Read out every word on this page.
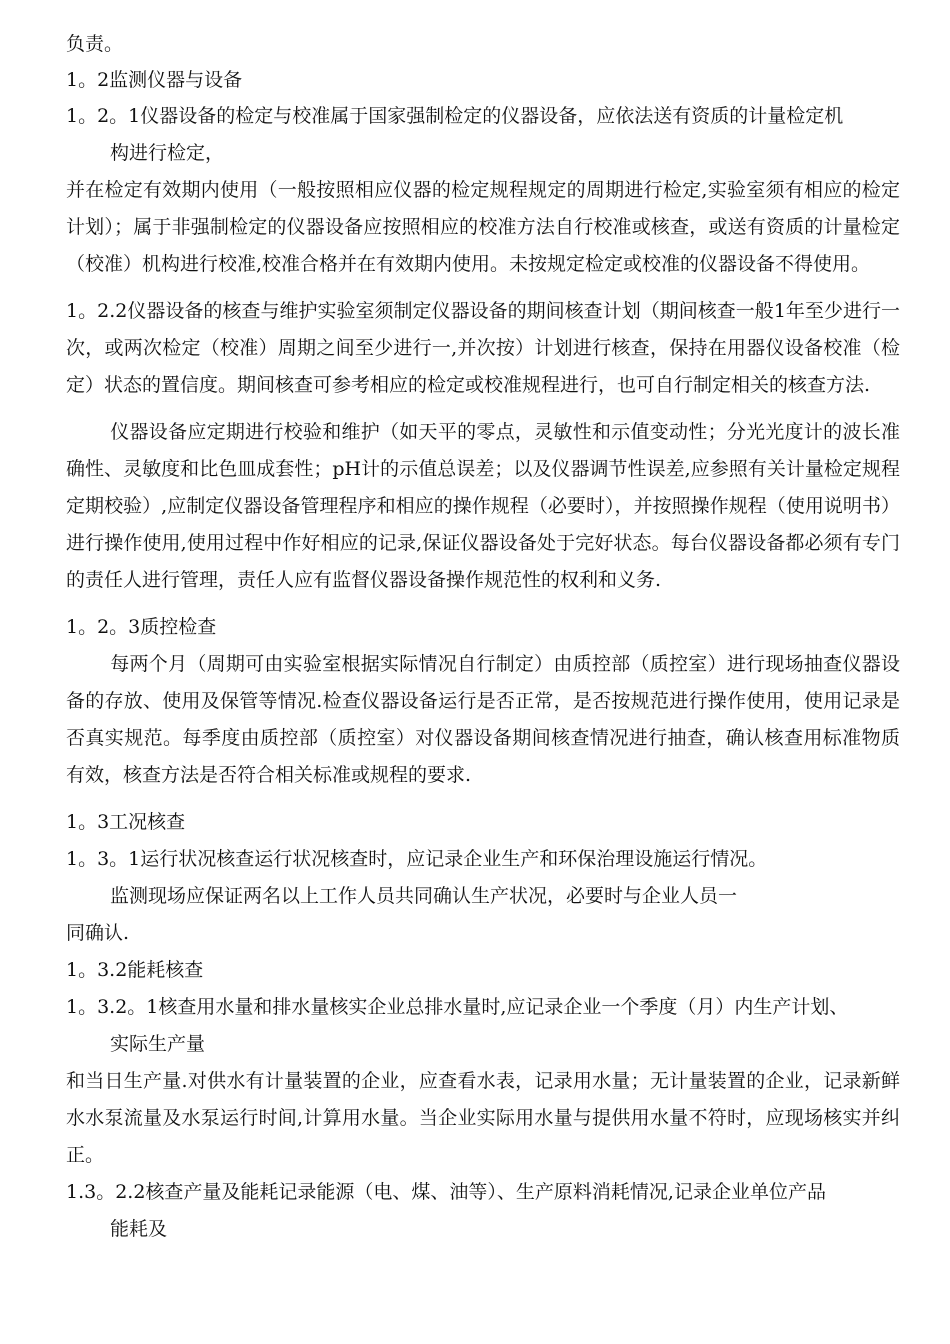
负责。

1。2监测仪器与设备

1。2。1仪器设备的检定与校准属于国家强制检定的仪器设备，应依法送有资质的计量检定机

构进行检定，

并在检定有效期内使用（一般按照相应仪器的检定规程规定的周期进行检定,实验室须有相应的检定计划）；属于非强制检定的仪器设备应按照相应的校准方法自行校准或核查，或送有资质的计量检定（校准）机构进行校准,校准合格并在有效期内使用。未按规定检定或校准的仪器设备不得使用。

1。2.2仪器设备的核查与维护实验室须制定仪器设备的期间核查计划（期间核查一般1年至少进行一次，或两次检定（校准）周期之间至少进行一,并次按）计划进行核查，保持在用器仪设备校准（检定）状态的置信度。期间核查可参考相应的检定或校准规程进行，也可自行制定相关的核查方法.

仪器设备应定期进行校验和维护（如天平的零点，灵敏性和示值变动性；分光光度计的波长准确性、灵敏度和比色皿成套性；pH计的示值总误差；以及仪器调节性误差,应参照有关计量检定规程定期校验）,应制定仪器设备管理程序和相应的操作规程（必要时），并按照操作规程（使用说明书）进行操作使用,使用过程中作好相应的记录,保证仪器设备处于完好状态。每台仪器设备都必须有专门的责任人进行管理，责任人应有监督仪器设备操作规范性的权利和义务.

1。2。3质控检查

每两个月（周期可由实验室根据实际情况自行制定）由质控部（质控室）进行现场抽查仪器设备的存放、使用及保管等情况.检查仪器设备运行是否正常，是否按规范进行操作使用，使用记录是否真实规范。每季度由质控部（质控室）对仪器设备期间核查情况进行抽查，确认核查用标准物质有效，核查方法是否符合相关标准或规程的要求.

1。3工况核查

1。3。1运行状况核查运行状况核查时，应记录企业生产和环保治理设施运行情况。

监测现场应保证两名以上工作人员共同确认生产状况，必要时与企业人员一

同确认.

1。3.2能耗核查

1。3.2。1核查用水量和排水量核实企业总排水量时,应记录企业一个季度（月）内生产计划、

实际生产量

和当日生产量.对供水有计量装置的企业，应查看水表，记录用水量；无计量装置的企业，记录新鲜水水泵流量及水泵运行时间,计算用水量。当企业实际用水量与提供用水量不符时，应现场核实并纠正。

1.3。2.2核查产量及能耗记录能源（电、煤、油等）、生产原料消耗情况,记录企业单位产品

能耗及
